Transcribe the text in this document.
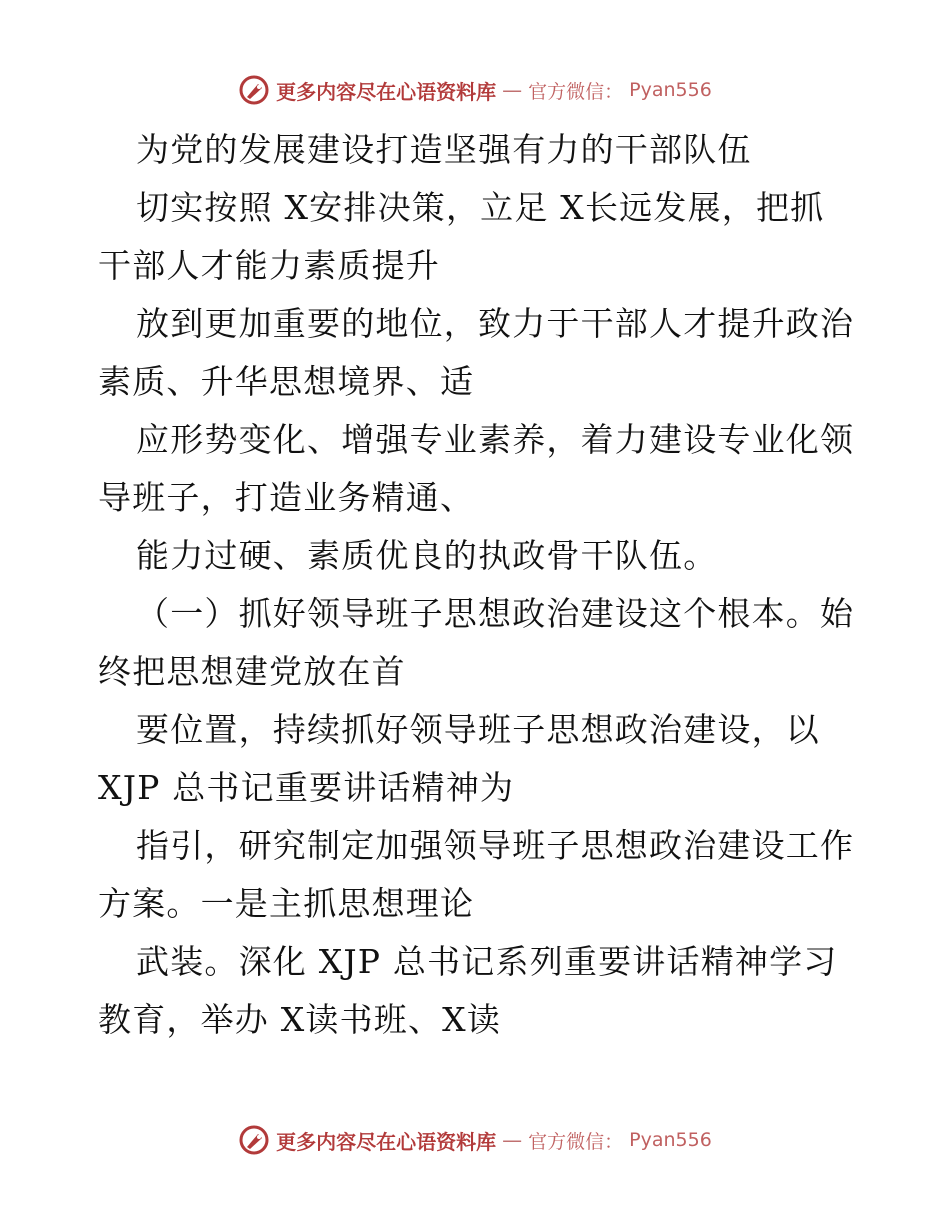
更多内容尽在心语资料库 — 官方微信： Pyan556
为党的发展建设打造坚强有力的干部队伍
切实按照 X安排决策，立足 X长远发展，把抓
干部人才能力素质提升
放到更加重要的地位，致力于干部人才提升政治
素质、升华思想境界、适
应形势变化、增强专业素养，着力建设专业化领
导班子，打造业务精通、
能力过硬、素质优良的执政骨干队伍。
（一）抓好领导班子思想政治建设这个根本。始
终把思想建党放在首
要位置，持续抓好领导班子思想政治建设，以
XJP 总书记重要讲话精神为
指引，研究制定加强领导班子思想政治建设工作
方案。一是主抓思想理论
武装。深化 XJP 总书记系列重要讲话精神学习
教育，举办 X读书班、X读
更多内容尽在心语资料库 — 官方微信： Pyan556
